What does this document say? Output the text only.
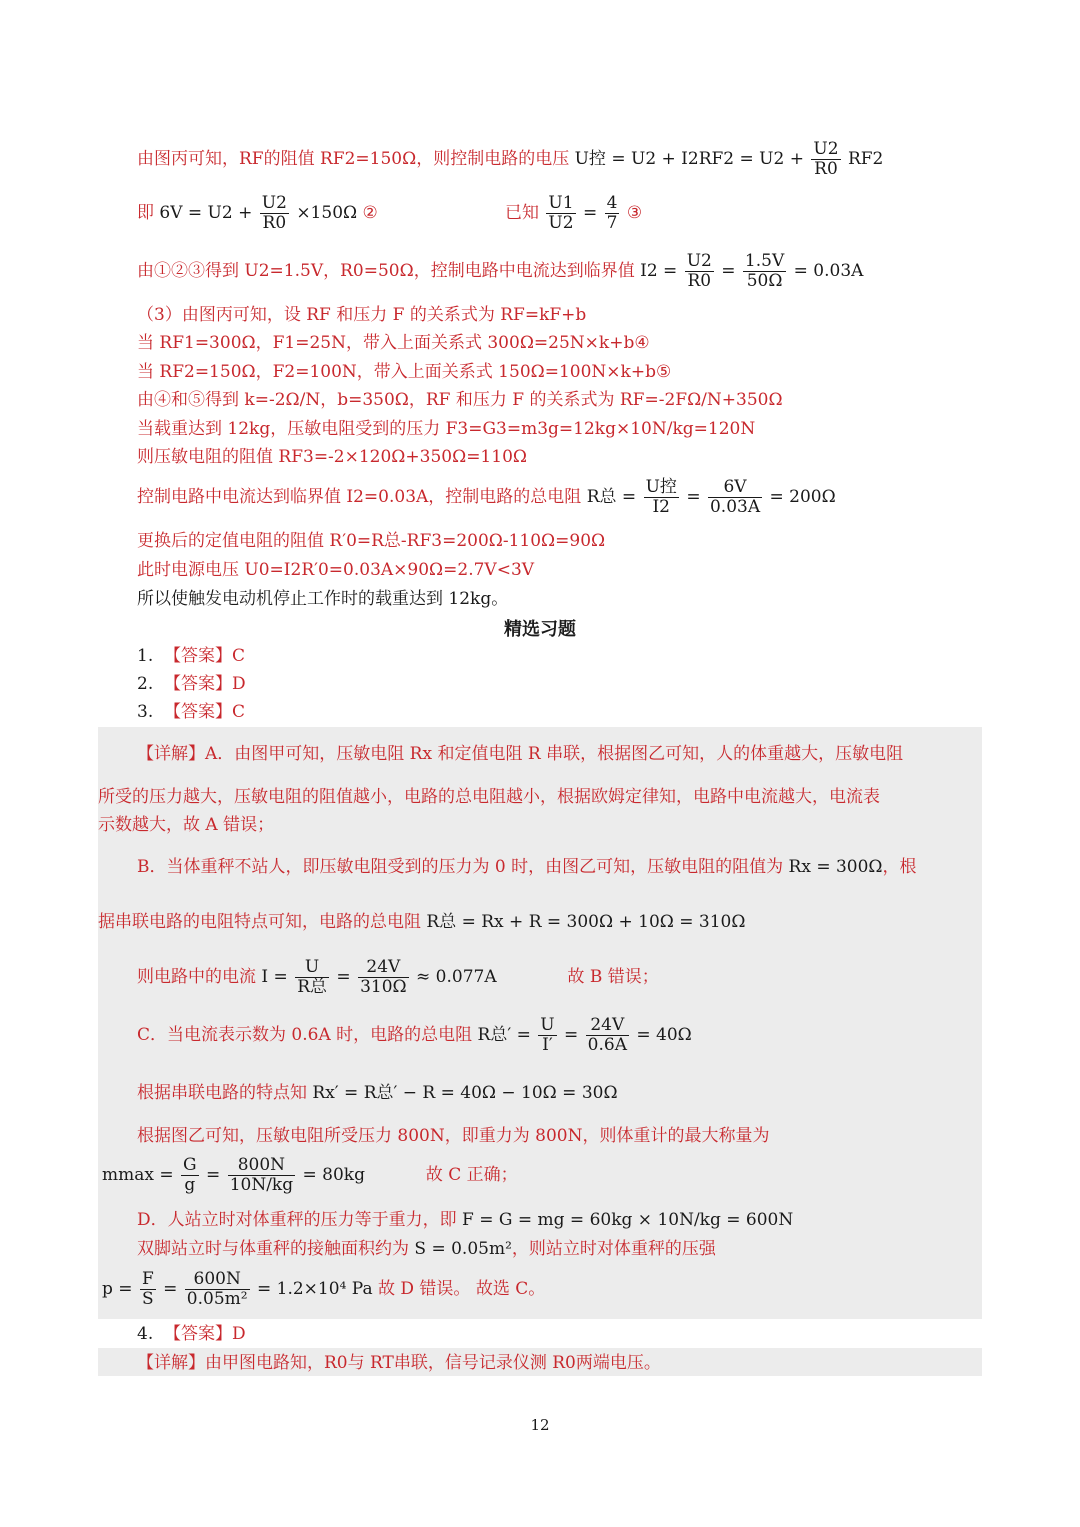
由图丙可知，RF的阻值 RF2=150Ω，则控制电路的电压 U控 = $U2 + I2RF2 = U2 + \frac{U2}{R0} RF2$
即 $6V = U2 + \frac{U2}{R0} \times 150\Omega$ ②	已知 $\frac{U1}{U2} = \frac{4}{7}$ ③
由①②③得到 U2=1.5V，R0=50Ω，控制电路中电流达到临界值 $I2 = \frac{U2}{R0} = \frac{1.5V}{50\Omega} = 0.03A$
（3）由图丙可知，设 RF 和压力 F 的关系式为 RF=kF+b
当 RF1=300Ω，F1=25N，带入上面关系式 300Ω=25N×k+b④
当 RF2=150Ω，F2=100N，带入上面关系式 150Ω=100N×k+b⑤
由④和⑤得到 k=-2Ω/N，b=350Ω，RF 和压力 F 的关系式为 RF=-2FΩ/N+350Ω
当载重达到 12kg，压敏电阻受到的压力 F3=G3=m3g=12kg×10N/kg=120N
则压敏电阻的阻值 RF3=-2×120Ω+350Ω=110Ω
控制电路中电流达到临界值 I2=0.03A，控制电路的总电阻 R总 = U控
$I2 = \frac{6V}{0.03A} = 200\Omega$
更换后的定值电阻的阻值 R′0=R总-RF3=200Ω-110Ω=90Ω
此时电源电压 U0=I2R′0=0.03A×90Ω=2.7V<3V
所以使触发电动机停止工作时的载重达到 12kg。
精选习题
1. 【答案】C
2. 【答案】D
3. 【答案】C
【详解】A．由图甲可知，压敏电阻 Rx 和定值电阻 R 串联，根据图乙可知，人的体重越大，压敏电阻
所受的压力越大，压敏电阻的阻值越小，电路的总电阻越小，根据欧姆定律知，电路中电流越大，电流表
示数越大，故 A 错误；
B．当体重秤不站人，即压敏电阻受到的压力为 0 时，由图乙可知，压敏电阻的阻值为 Rx = 300Ω，根
据串联电路的电阻特点可知，电路的总电阻 R总 = Rx + R = 300Ω + 10Ω = 310Ω
则电路中的电流 I =	U
R总 = $\frac{24V}{310\Omega} \approx 0.077A$	故 B 错误；
C．当电流表示数为 0.6A 时，电路的总电阻 R总′ = $\frac{U}{I'} = \frac{24V}{0.6A} = 40\Omega$
根据串联电路的特点知 Rx′ = R总′ − R = 40Ω − 10Ω = 30Ω
根据图乙可知，压敏电阻所受压力 800N，即重力为 800N，则体重计的最大称量为
$mmax = \frac{G}{g} = \frac{800N}{10N/kg} = 80kg$	故 C 正确；
D．人站立时对体重秤的压力等于重力，即 F = G = mg = 60kg × 10N/kg = 600N
双脚站立时与体重秤的接触面积约为 S = 0.05m²，则站立时对体重秤的压强
$p = \frac{F}{S} = \frac{600N}{\text{0.05m²}} = 1.2\times 10^4$ Pa 故 D 错误。 故选 C。
4. 【答案】D
【详解】由甲图电路知，R0与 RT串联，信号记录仪测 R0两端电压。
12
